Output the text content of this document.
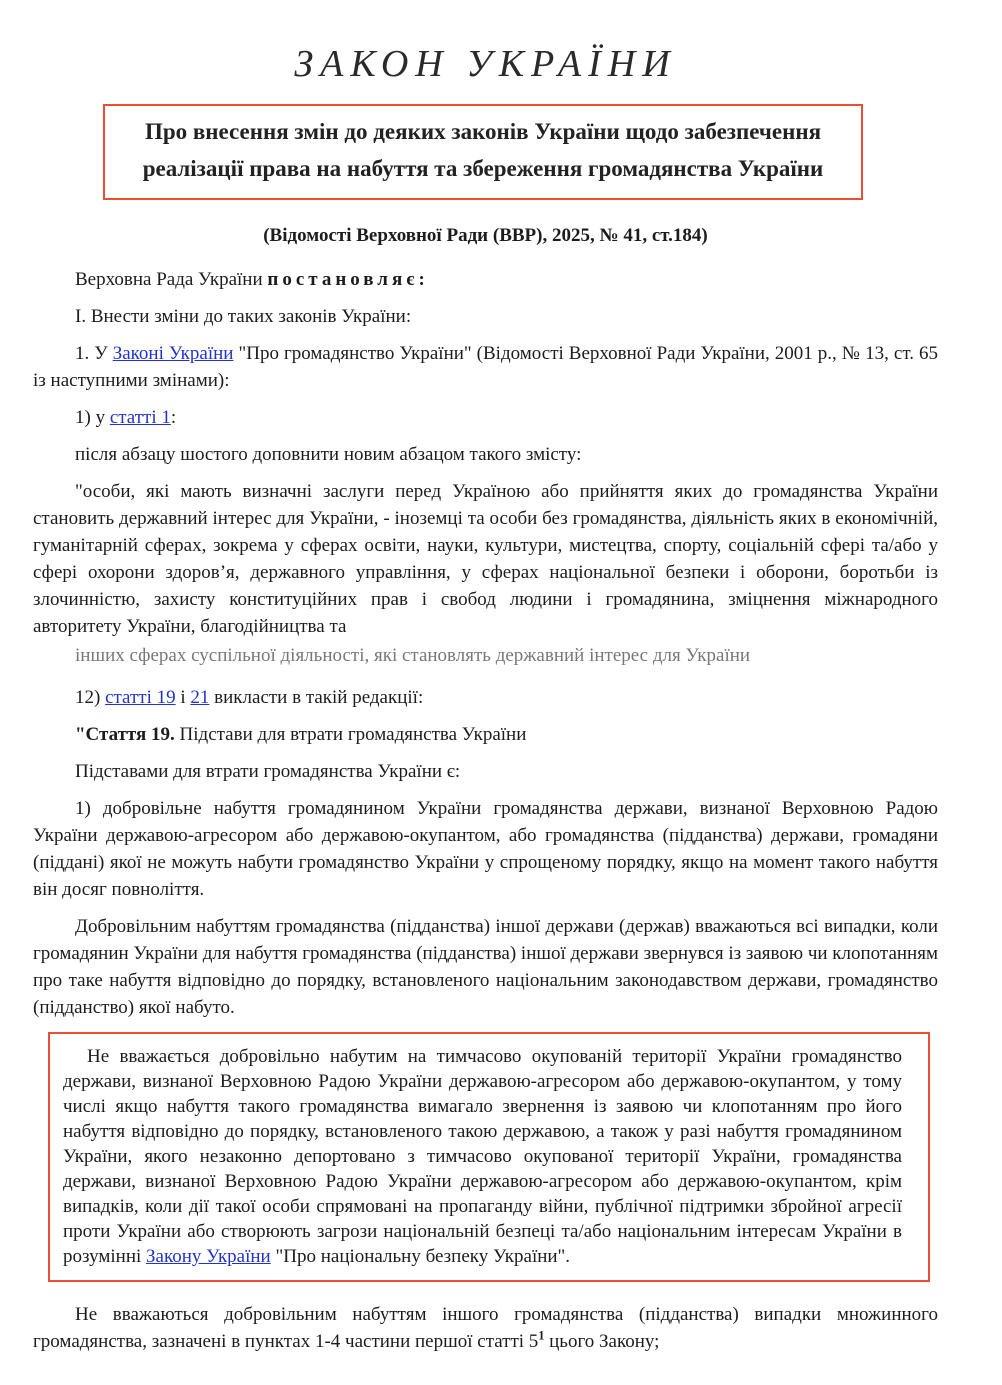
ЗАКОН УКРАЇНИ
Про внесення змін до деяких законів України щодо забезпечення реалізації права на набуття та збереження громадянства України

(Відомості Верховної Ради (ВВР), 2025, № 41, ст.184)

Верховна Рада України постановляє:

І. Внести зміни до таких законів України:

1. У Законі України "Про громадянство України" (Відомості Верховної Ради України, 2001 р., № 13, ст. 65 із наступними змінами):

1) у статті 1:

після абзацу шостого доповнити новим абзацом такого змісту:

"особи, які мають визначні заслуги перед Україною або прийняття яких до громадянства України становить державний інтерес для України, - іноземці та особи без громадянства, діяльність яких в економічній, гуманітарній сферах, зокрема у сферах освіти, науки, культури, мистецтва, спорту, соціальній сфері та/або у сфері охорони здоров’я, державного управління, у сферах національної безпеки і оборони, боротьби із злочинністю, захисту конституційних прав і свобод людини і громадянина, зміцнення міжнародного авторитету України, благодійництва та

інших сферах суспільної діяльності, які становлять державний інтерес для України

12) статті 19 і 21 викласти в такій редакції:

"Стаття 19. Підстави для втрати громадянства України

Підставами для втрати громадянства України є:

1) добровільне набуття громадянином України громадянства держави, визнаної Верховною Радою України державою-агресором або державою-окупантом, або громадянства (підданства) держави, громадяни (піддані) якої не можуть набути громадянство України у спрощеному порядку, якщо на момент такого набуття він досяг повноліття.

Добровільним набуттям громадянства (підданства) іншої держави (держав) вважаються всі випадки, коли громадянин України для набуття громадянства (підданства) іншої держави звернувся із заявою чи клопотанням про таке набуття відповідно до порядку, встановленого національним законодавством держави, громадянство (підданство) якої набуто.

Не вважається добровільно набутим на тимчасово окупованій території України громадянство держави, визнаної Верховною Радою України державою-агресором або державою-окупантом, у тому числі якщо набуття такого громадянства вимагало звернення із заявою чи клопотанням про його набуття відповідно до порядку, встановленого такою державою, а також у разі набуття громадянином України, якого незаконно депортовано з тимчасово окупованої території України, громадянства держави, визнаної Верховною Радою України державою-агресором або державою-окупантом, крім випадків, коли дії такої особи спрямовані на пропаганду війни, публічної підтримки збройної агресії проти України або створюють загрози національній безпеці та/або національним інтересам України в розумінні Закону України "Про національну безпеку України".

Не вважаються добровільним набуттям іншого громадянства (підданства) випадки множинного громадянства, зазначені в пунктах 1-4 частини першої статті $5^1$ цього Закону;
